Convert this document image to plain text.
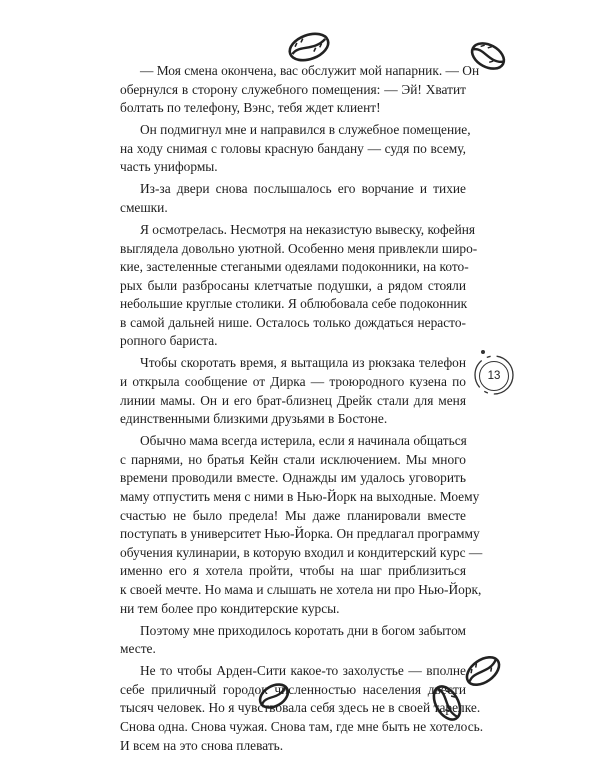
13

— Моя смена окончена, вас обслужит мой напарник. — Он
обернулся в сторону служебного помещения: — Эй! Хватит
болтать по телефону, Вэнс, тебя ждет клиент!

Он подмигнул мне и направился в служебное помещение,
на ходу снимая с головы красную бандану — судя по всему,
часть униформы.

Из-за двери снова послышалось его ворчание и тихие
смешки.

Я осмотрелась. Несмотря на неказистую вывеску, кофейня
выглядела довольно уютной. Особенно меня привлекли широ-
кие, застеленные стегаными одеялами подоконники, на кото-
рых были разбросаны клетчатые подушки, а рядом стояли
небольшие круглые столики. Я облюбовала себе подоконник
в самой дальней нише. Осталось только дождаться нерасто-
ропного бариста.

Чтобы скоротать время, я вытащила из рюкзака телефон
и открыла сообщение от Дирка — троюродного кузена по
линии мамы. Он и его брат-близнец Дрейк стали для меня
единственными близкими друзьями в Бостоне.

Обычно мама всегда истерила, если я начинала общаться
с парнями, но братья Кейн стали исключением. Мы много
времени проводили вместе. Однажды им удалось уговорить
маму отпустить меня с ними в Нью-Йорк на выходные. Моему
счастью не было предела! Мы даже планировали вместе
поступать в университет Нью-Йорка. Он предлагал программу
обучения кулинарии, в которую входил и кондитерский курс —
именно его я хотела пройти, чтобы на шаг приблизиться
к своей мечте. Но мама и слышать не хотела ни про Нью-Йорк,
ни тем более про кондитерские курсы.

Поэтому мне приходилось коротать дни в богом забытом
месте.

Не то чтобы Арден-Сити какое-то захолустье — вполне
себе приличный городок численностью населения двести
тысяч человек. Но я чувствовала себя здесь не в своей тарелке.
Снова одна. Снова чужая. Снова там, где мне быть не хотелось.
И всем на это снова плевать.
